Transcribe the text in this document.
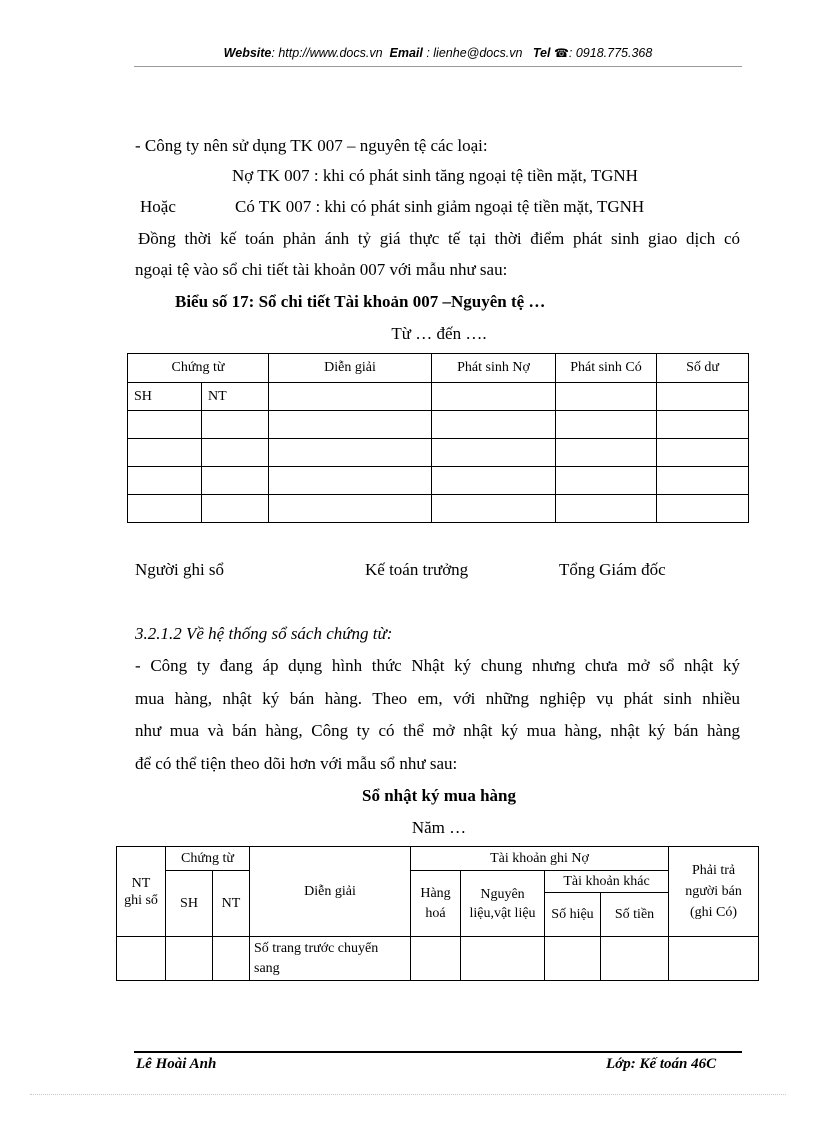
Website: http://www.docs.vn Email : lienhe@docs.vn Tel ☎: 0918.775.368
- Công ty nên sử dụng TK 007 – nguyên tệ các loại:
Nợ TK 007 : khi có phát sinh tăng ngoại tệ tiền mặt, TGNH
Hoặc	Có TK 007 : khi có phát sinh giảm ngoại tệ tiền mặt, TGNH
Đồng thời kế toán phản ánh tỷ giá thực tế tại thời điểm phát sinh giao dịch có
ngoại tệ vào sổ chi tiết tài khoản 007 với mẫu như sau:
Biểu số 17: Sổ chi tiết Tài khoản 007 –Nguyên tệ …
Từ … đến ….
Chứng từ		Diễn giải	Phát sinh Nợ	Phát sinh Có	Số dư
SH	NT				

Người ghi sổ	Kế toán trưởng	Tổng Giám đốc
3.2.1.2 Về hệ thống sổ sách chứng từ:
- Công ty đang áp dụng hình thức Nhật ký chung nhưng chưa mở sổ nhật ký
mua hàng, nhật ký bán hàng. Theo em, với những nghiệp vụ phát sinh nhiều
như mua và bán hàng, Công ty có thể mở nhật ký mua hàng, nhật ký bán hàng
để có thể tiện theo dõi hơn với mẫu sổ như sau:
Sổ nhật ký mua hàng
Năm …
NT ghi sổ	Chứng từ		Diễn giải	Tài khoản ghi Nợ				Phải trả người bán (ghi Có)
	SH	NT		Hàng hoá	Nguyên liệu,vật liệu	Tài khoản khác		
						Số hiệu	Số tiền	
			Số trang trước chuyển sang					
Lê Hoài Anh	Lớp: Kế toán 46C
